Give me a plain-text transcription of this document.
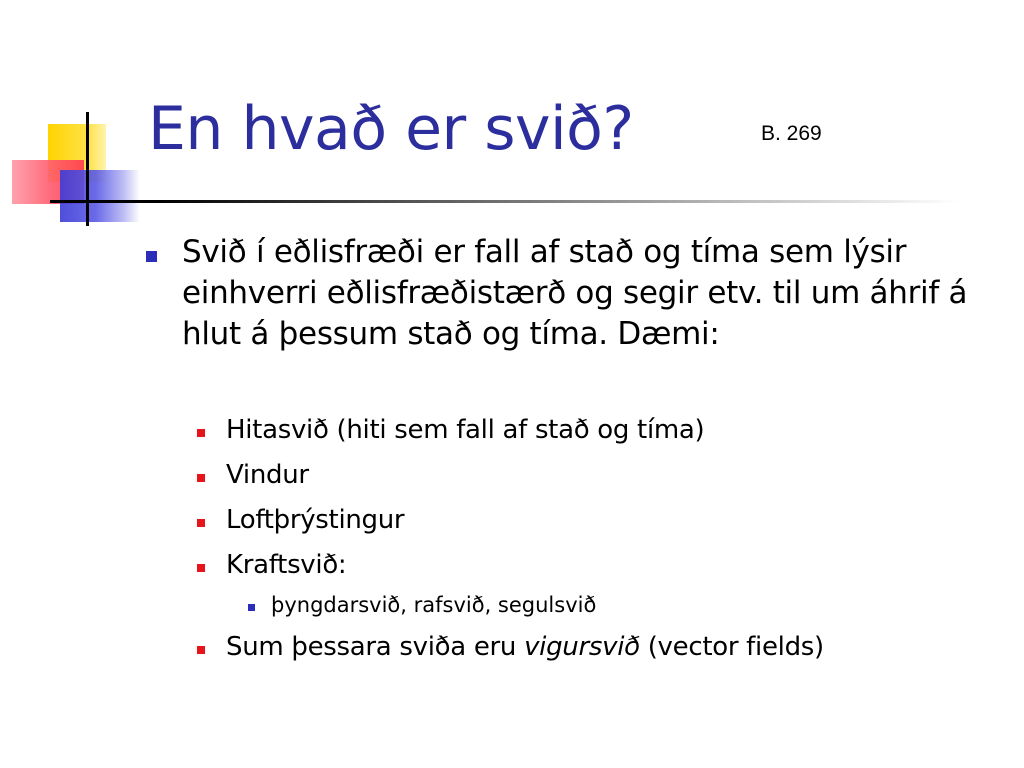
En hvað er svið?	B. 269
Svið í eðlisfræði er fall af stað og tíma sem lýsir einhverri eðlisfræðistærð og segir etv. til um áhrif á hlut á þessum stað og tíma. Dæmi:
Hitasvið (hiti sem fall af stað og tíma)
Vindur
Loftþrýstingur
Kraftsvið:
þyngdarsvið, rafsvið, segulsvið
Sum þessara sviða eru vigursvið (vector fields)
